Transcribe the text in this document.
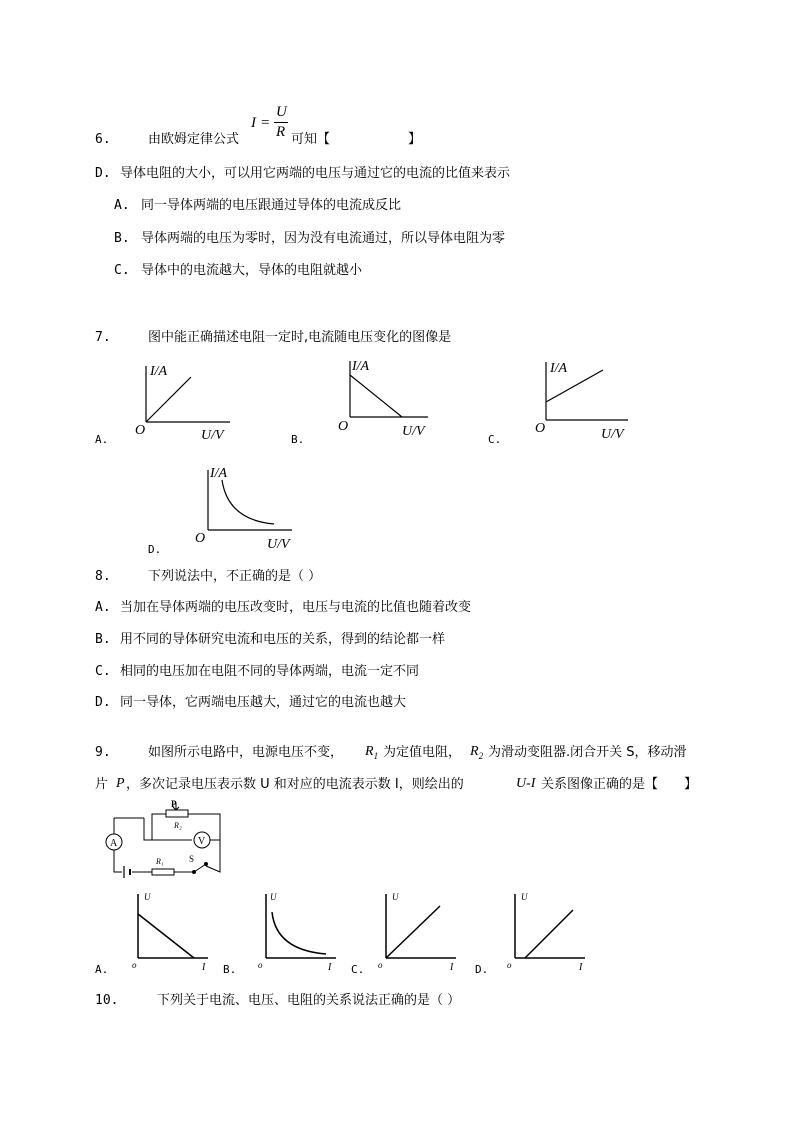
6.	由欧姆定律公式
I =
U
R 可知【	】
D. 导体电阻的大小，可以用它两端的电压与通过它的电流的比值来表示
A. 同一导体两端的电压跟通过导体的电流成反比
B. 导体两端的电压为零时，因为没有电流通过，所以导体电阻为零
C. 导体中的电流越大，导体的电阻就越小
7.	图中能正确描述电阻一定时,电流随电压变化的图像是
A.
I/A
O	U/V	B.
I/A
O	U/V
C.
I/A
O	U/V
D.
I/A
O	U/V
8.	下列说法中，不正确的是（ ）
A. 当加在导体两端的电压改变时，电压与电流的比值也随着改变
B. 用不同的导体研究电流和电压的关系，得到的结论都一样
C. 相同的电压加在电阻不同的导体两端，电流一定不同
D. 同一导体，它两端电压越大，通过它的电流也越大
9.	如图所示电路中，电源电压不变， $R_1$ 为定值电阻， $R_2$ 为滑动变阻器.闭合开关 S，移动滑
片 P ，多次记录电压表示数 U 和对应的电流表示数 I，则绘出的	U-I 关系图像正确的是【 】
A	V
P
R₂
R₁	S
A.
U
o	I B.
U
o	I C.
U
o	I D.
U
o	I
10.	下列关于电流、电压、电阻的关系说法正确的是（ ）
